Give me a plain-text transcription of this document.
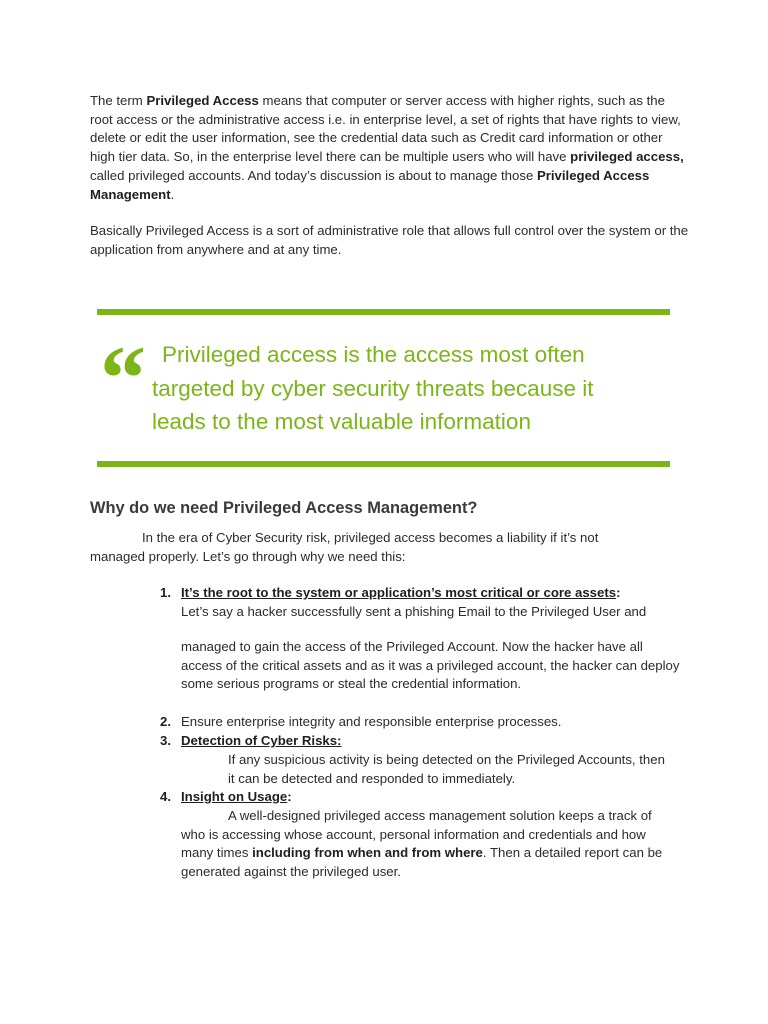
The term Privileged Access means that computer or server access with higher rights, such as the root access or the administrative access i.e. in enterprise level, a set of rights that have rights to view, delete or edit the user information, see the credential data such as Credit card information or other high tier data. So, in the enterprise level there can be multiple users who will have privileged access, called privileged accounts. And today’s discussion is about to manage those Privileged Access Management.
Basically Privileged Access is a sort of administrative role that allows full control over the system or the application from anywhere and at any time.
“ Privileged access is the access most often
targeted by cyber security threats because it
leads to the most valuable information
Why do we need Privileged Access Management?
In the era of Cyber Security risk, privileged access becomes a liability if it’s not managed properly. Let’s go through why we need this:
1. It’s the root to the system or application’s most critical or core assets:
Let’s say a hacker successfully sent a phishing Email to the Privileged User and
managed to gain the access of the Privileged Account. Now the hacker have all access of the critical assets and as it was a privileged account, the hacker can deploy some serious programs or steal the credential information.
2. Ensure enterprise integrity and responsible enterprise processes.
3. Detection of Cyber Risks:
If any suspicious activity is being detected on the Privileged Accounts, then it can be detected and responded to immediately.
4. Insight on Usage:
A well-designed privileged access management solution keeps a track of who is accessing whose account, personal information and credentials and how many times including from when and from where. Then a detailed report can be generated against the privileged user.
